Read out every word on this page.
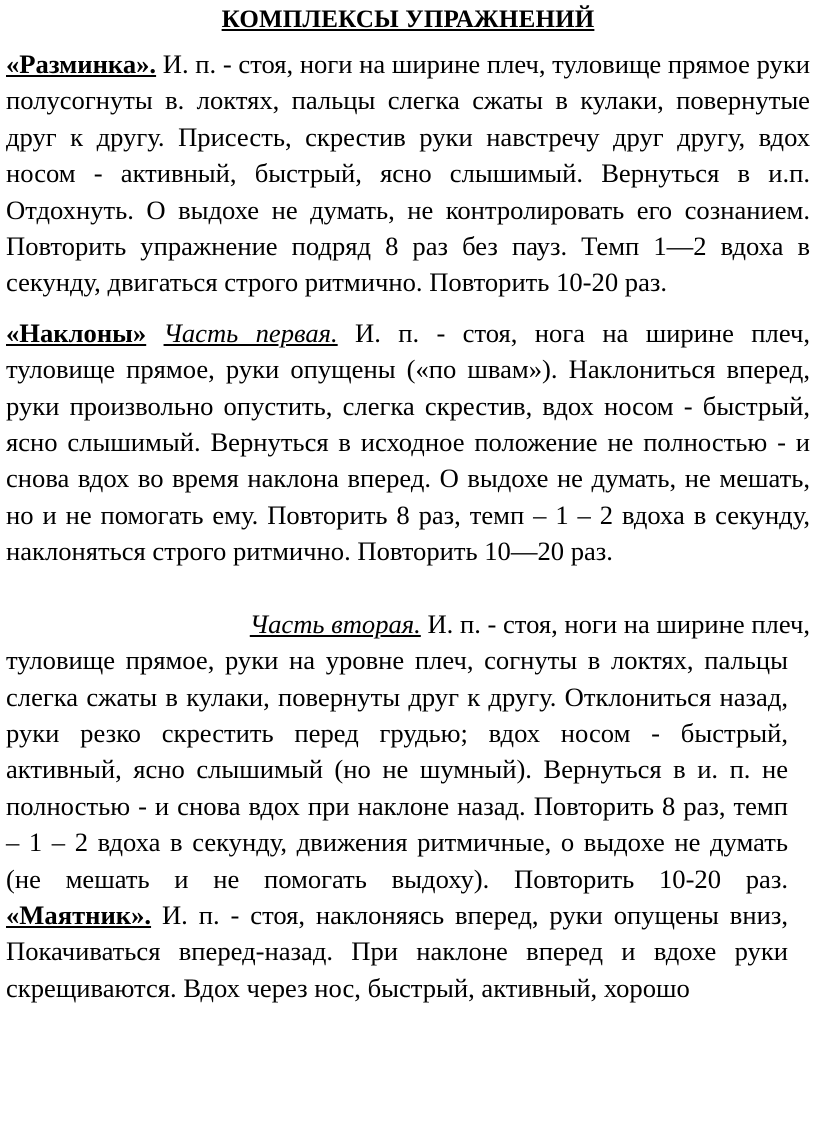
КОМПЛЕКСЫ УПРАЖНЕНИЙ

«Разминка». И. п. - стоя, ноги на ширине плеч, туловище прямое руки полусогнуты в. локтях, пальцы слегка сжаты в кулаки, повернутые друг к другу. Присесть, скрестив руки навстречу друг другу, вдох носом - активный, быстрый, ясно слышимый. Вернуться в и.п. Отдохнуть. О выдохе не думать, не контролировать его сознанием. Повторить упражнение подряд 8 раз без пауз. Темп 1—2 вдоха в секунду, двигаться строго ритмично. Повторить 10-20 раз.

«Наклоны» Часть первая. И. п. - стоя, нога на ширине плеч, туловище прямое, руки опущены («по швам»). Наклониться вперед, руки произвольно опустить, слегка скрестив, вдох носом - быстрый, ясно слышимый. Вернуться в исходное положение не полностью - и снова вдох во время наклона вперед. О выдохе не думать, не мешать, но и не помогать ему. Повторить 8 раз, темп – 1 – 2 вдоха в секунду, наклоняться строго ритмично. Повторить 10—20 раз.

Часть вторая. И. п. - стоя, ноги на ширине плеч,
туловище прямое, руки на уровне плеч, согнуты в локтях, пальцы слегка сжаты в кулаки, повернуты друг к другу. Отклониться назад, руки резко скрестить перед грудью; вдох носом - быстрый, активный, ясно слышимый (но не шумный). Вернуться в и. п. не полностью - и снова вдох при наклоне назад. Повторить 8 раз, темп – 1 – 2 вдоха в секунду, движения ритмичные, о выдохе не думать (не мешать и не помогать выдоху). Повторить 10-20 раз. «Маятник». И. п. - стоя, наклоняясь вперед, руки опущены вниз, Покачиваться вперед-назад. При наклоне вперед и вдохе руки скрещиваются. Вдох через нос, быстрый, активный, хорошо
